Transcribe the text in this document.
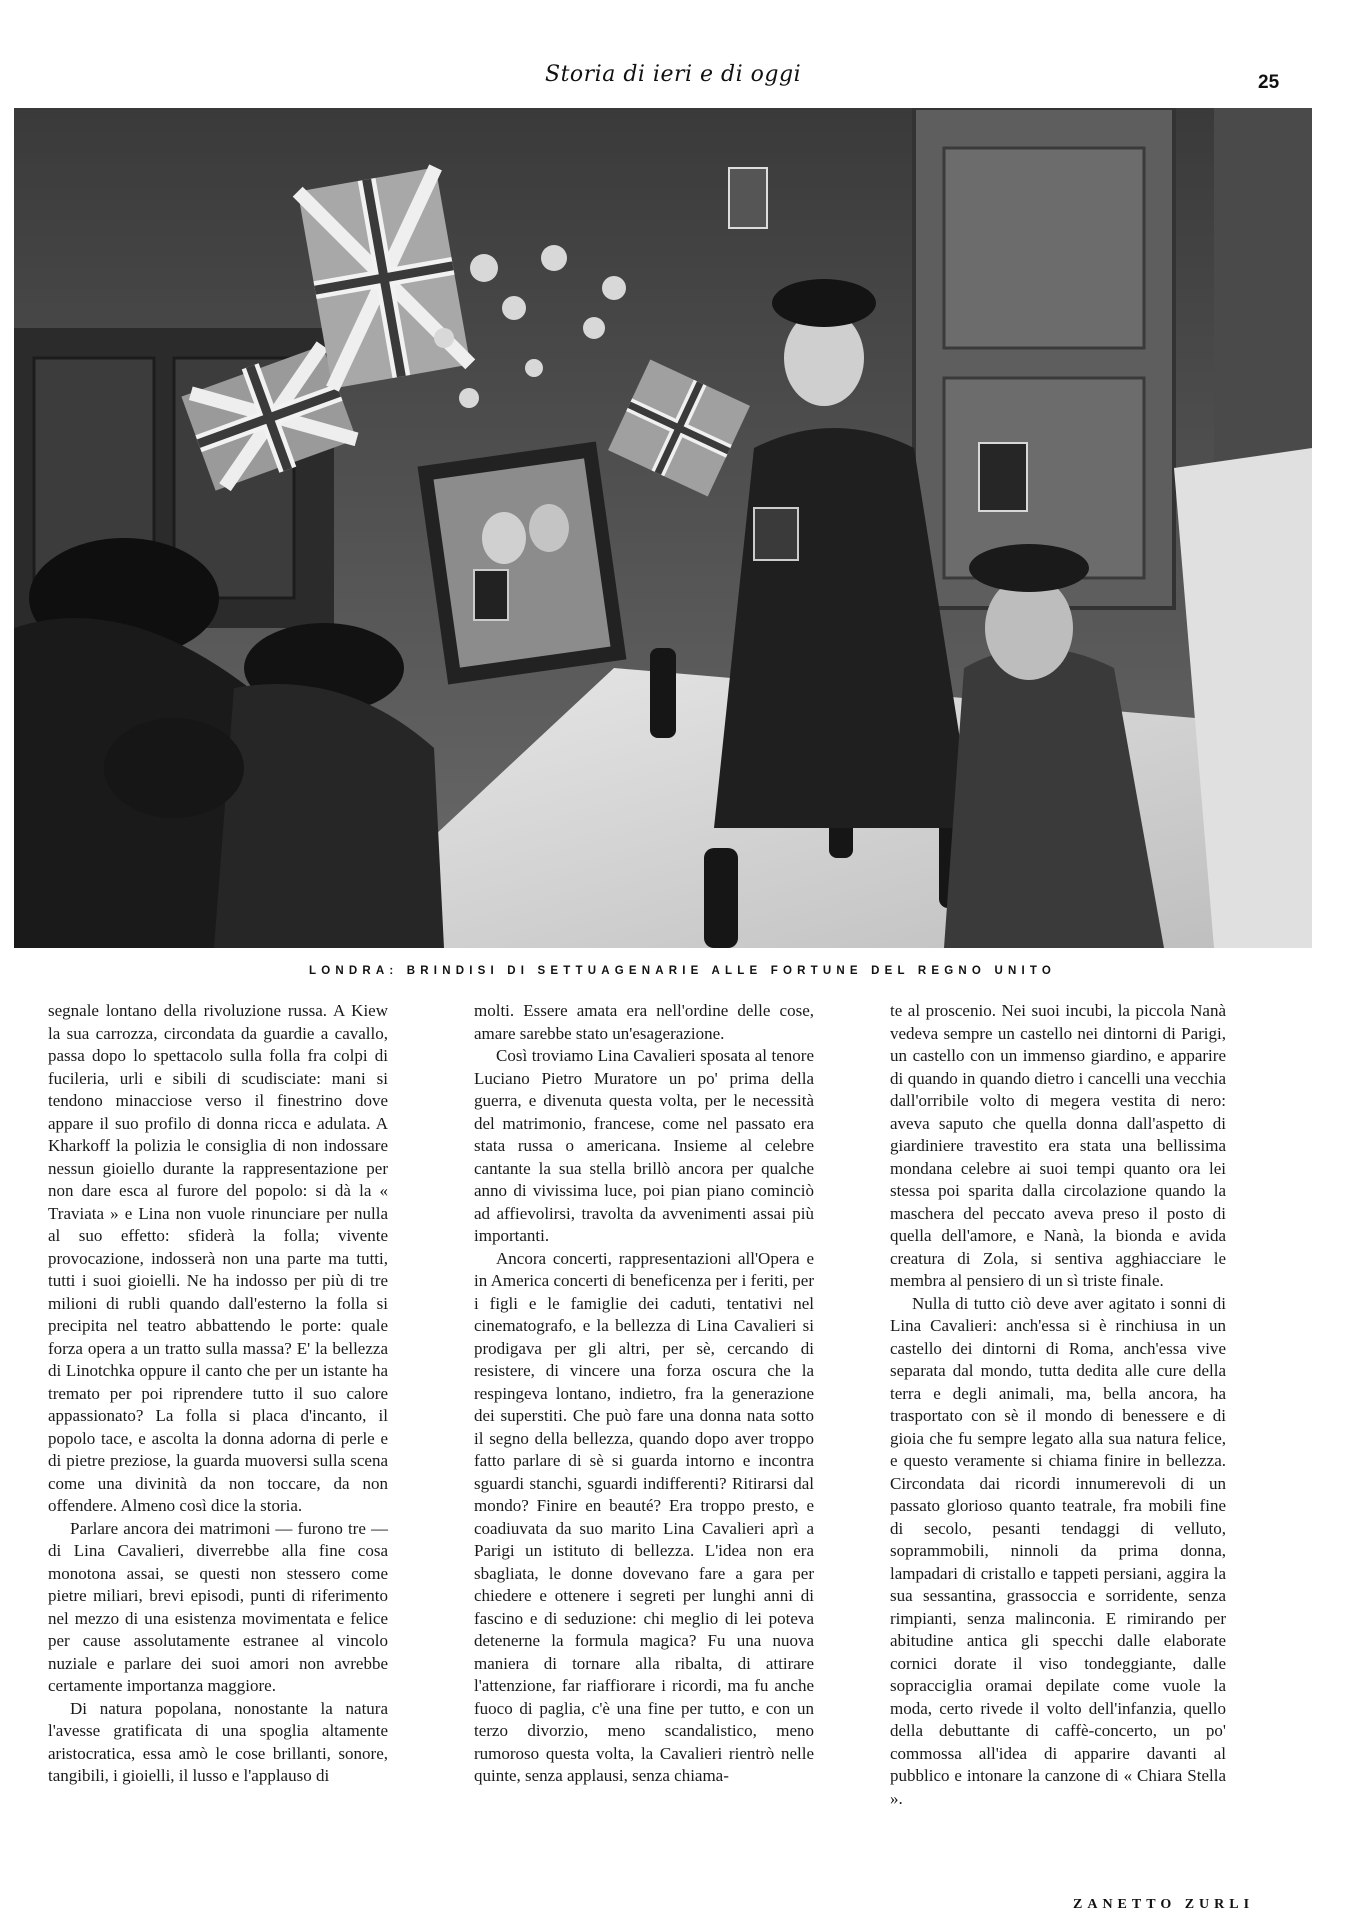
Storia di ieri e di oggi	25
LONDRA: BRINDISI DI SETTUAGENARIE ALLE FORTUNE DEL REGNO UNITO

segnale lontano della rivoluzione russa. A Kiew la sua carrozza, circondata da guardie a cavallo, passa dopo lo spettacolo sulla folla fra colpi di fucileria, urli e sibili di scudisciate: mani si tendono minacciose verso il finestrino dove appare il suo profilo di donna ricca e adulata. A Kharkoff la polizia le consiglia di non indossare nessun gioiello durante la rappresentazione per non dare esca al furore del popolo: si dà la « Traviata » e Lina non vuole rinunciare per nulla al suo effetto: sfiderà la folla; vivente provocazione, indosserà non una parte ma tutti, tutti i suoi gioielli. Ne ha indosso per più di tre milioni di rubli quando dall'esterno la folla si precipita nel teatro abbattendo le porte: quale forza opera a un tratto sulla massa? E' la bellezza di Linotchka oppure il canto che per un istante ha tremato per poi riprendere tutto il suo calore appassionato? La folla si placa d'incanto, il popolo tace, e ascolta la donna adorna di perle e di pietre preziose, la guarda muoversi sulla scena come una divinità da non toccare, da non offendere. Almeno così dice la storia.

Parlare ancora dei matrimoni — furono tre — di Lina Cavalieri, diverrebbe alla fine cosa monotona assai, se questi non stessero come pietre miliari, brevi episodi, punti di riferimento nel mezzo di una esistenza movimentata e felice per cause assolutamente estranee al vincolo nuziale e parlare dei suoi amori non avrebbe certamente importanza maggiore.

Di natura popolana, nonostante la natura l'avesse gratificata di una spoglia altamente aristocratica, essa amò le cose brillanti, sonore, tangibili, i gioielli, il lusso e l'applauso di

molti. Essere amata era nell'ordine delle cose, amare sarebbe stato un'esagerazione.

Così troviamo Lina Cavalieri sposata al tenore Luciano Pietro Muratore un po' prima della guerra, e divenuta questa volta, per le necessità del matrimonio, francese, come nel passato era stata russa o americana. Insieme al celebre cantante la sua stella brillò ancora per qualche anno di vivissima luce, poi pian piano cominciò ad affievolirsi, travolta da avvenimenti assai più importanti.

Ancora concerti, rappresentazioni all'Opera e in America concerti di beneficenza per i feriti, per i figli e le famiglie dei caduti, tentativi nel cinematografo, e la bellezza di Lina Cavalieri si prodigava per gli altri, per sè, cercando di resistere, di vincere una forza oscura che la respingeva lontano, indietro, fra la generazione dei superstiti. Che può fare una donna nata sotto il segno della bellezza, quando dopo aver troppo fatto parlare di sè si guarda intorno e incontra sguardi stanchi, sguardi indifferenti? Ritirarsi dal mondo? Finire en beauté? Era troppo presto, e coadiuvata da suo marito Lina Cavalieri aprì a Parigi un istituto di bellezza. L'idea non era sbagliata, le donne dovevano fare a gara per chiedere e ottenere i segreti per lunghi anni di fascino e di seduzione: chi meglio di lei poteva detenerne la formula magica? Fu una nuova maniera di tornare alla ribalta, di attirare l'attenzione, far riaffiorare i ricordi, ma fu anche fuoco di paglia, c'è una fine per tutto, e con un terzo divorzio, meno scandalistico, meno rumoroso questa volta, la Cavalieri rientrò nelle quinte, senza applausi, senza chiama-

te al proscenio. Nei suoi incubi, la piccola Nanà vedeva sempre un castello nei dintorni di Parigi, un castello con un immenso giardino, e apparire di quando in quando dietro i cancelli una vecchia dall'orribile volto di megera vestita di nero: aveva saputo che quella donna dall'aspetto di giardiniere travestito era stata una bellissima mondana celebre ai suoi tempi quanto ora lei stessa poi sparita dalla circolazione quando la maschera del peccato aveva preso il posto di quella dell'amore, e Nanà, la bionda e avida creatura di Zola, si sentiva agghiacciare le membra al pensiero di un sì triste finale.

Nulla di tutto ciò deve aver agitato i sonni di Lina Cavalieri: anch'essa si è rinchiusa in un castello dei dintorni di Roma, anch'essa vive separata dal mondo, tutta dedita alle cure della terra e degli animali, ma, bella ancora, ha trasportato con sè il mondo di benessere e di gioia che fu sempre legato alla sua natura felice, e questo veramente si chiama finire in bellezza. Circondata dai ricordi innumerevoli di un passato glorioso quanto teatrale, fra mobili fine di secolo, pesanti tendaggi di velluto, soprammobili, ninnoli da prima donna, lampadari di cristallo e tappeti persiani, aggira la sua sessantina, grassoccia e sorridente, senza rimpianti, senza malinconia. E rimirando per abitudine antica gli specchi dalle elaborate cornici dorate il viso tondeggiante, dalle sopracciglia oramai depilate come vuole la moda, certo rivede il volto dell'infanzia, quello della debuttante di caffè-concerto, un po' commossa all'idea di apparire davanti al pubblico e intonare la canzone di « Chiara Stella ».

ZANETTO ZURLI
